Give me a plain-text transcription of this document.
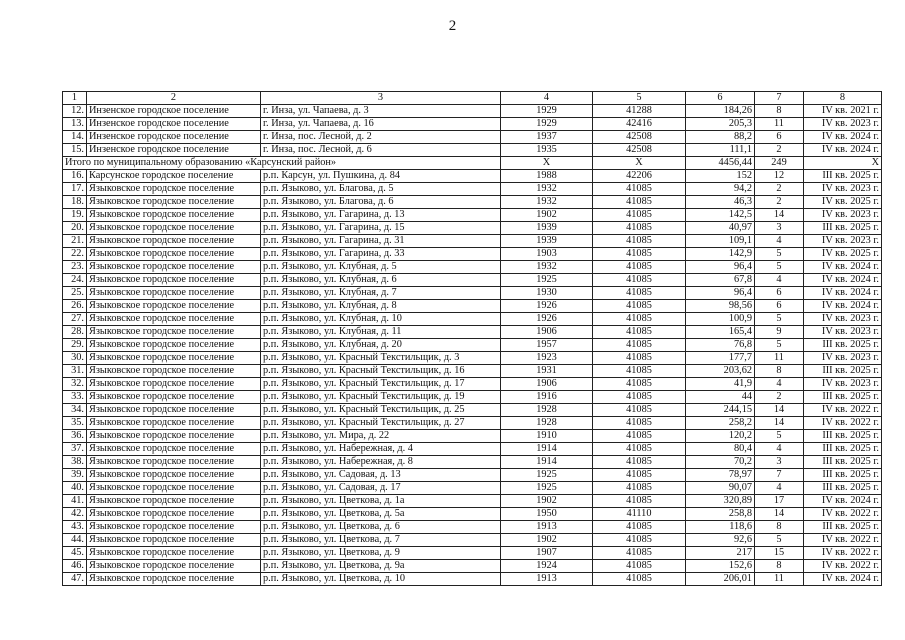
2
1	2	3	4	5	6	7	8
12.	Инзенское городское поселение	г. Инза, ул. Чапаева, д. 3	1929	41288	184,26	8	IV кв. 2021 г.
13.	Инзенское городское поселение	г. Инза, ул. Чапаева, д. 16	1929	42416	205,3	11	IV кв. 2023 г.
14.	Инзенское городское поселение	г. Инза, пос. Лесной, д. 2	1937	42508	88,2	6	IV кв. 2024 г.
15.	Инзенское городское поселение	г. Инза, пос. Лесной, д. 6	1935	42508	111,1	2	IV кв. 2024 г.
Итого по муниципальному образованию «Карсунский район»			X	X	4456,44	249	X
16.	Карсунское городское поселение	р.п. Карсун, ул. Пушкина, д. 84	1988	42206	152	12	III кв. 2025 г.
17.	Языковское городское поселение	р.п. Языково, ул. Благова, д. 5	1932	41085	94,2	2	IV кв. 2023 г.
18.	Языковское городское поселение	р.п. Языково, ул. Благова, д. 6	1932	41085	46,3	2	IV кв. 2025 г.
19.	Языковское городское поселение	р.п. Языково, ул. Гагарина, д. 13	1902	41085	142,5	14	IV кв. 2023 г.
20.	Языковское городское поселение	р.п. Языково, ул. Гагарина, д. 15	1939	41085	40,97	3	III кв. 2025 г.
21.	Языковское городское поселение	р.п. Языково, ул. Гагарина, д. 31	1939	41085	109,1	4	IV кв. 2023 г.
22.	Языковское городское поселение	р.п. Языково, ул. Гагарина, д. 33	1903	41085	142,9	5	IV кв. 2025 г.
23.	Языковское городское поселение	р.п. Языково, ул. Клубная, д. 5	1932	41085	96,4	5	IV кв. 2024 г.
24.	Языковское городское поселение	р.п. Языково, ул. Клубная, д. 6	1925	41085	67,8	4	IV кв. 2024 г.
25.	Языковское городское поселение	р.п. Языково, ул. Клубная, д. 7	1930	41085	96,4	6	IV кв. 2024 г.
26.	Языковское городское поселение	р.п. Языково, ул. Клубная, д. 8	1926	41085	98,56	6	IV кв. 2024 г.
27.	Языковское городское поселение	р.п. Языково, ул. Клубная, д. 10	1926	41085	100,9	5	IV кв. 2023 г.
28.	Языковское городское поселение	р.п. Языково, ул. Клубная, д. 11	1906	41085	165,4	9	IV кв. 2023 г.
29.	Языковское городское поселение	р.п. Языково, ул. Клубная, д. 20	1957	41085	76,8	5	III кв. 2025 г.
30.	Языковское городское поселение	р.п. Языково, ул. Красный Текстильщик, д. 3	1923	41085	177,7	11	IV кв. 2023 г.
31.	Языковское городское поселение	р.п. Языково, ул. Красный Текстильщик, д. 16	1931	41085	203,62	8	III кв. 2025 г.
32.	Языковское городское поселение	р.п. Языково, ул. Красный Текстильщик, д. 17	1906	41085	41,9	4	IV кв. 2023 г.
33.	Языковское городское поселение	р.п. Языково, ул. Красный Текстильщик, д. 19	1916	41085	44	2	III кв. 2025 г.
34.	Языковское городское поселение	р.п. Языково, ул. Красный Текстильщик, д. 25	1928	41085	244,15	14	IV кв. 2022 г.
35.	Языковское городское поселение	р.п. Языково, ул. Красный Текстильщик, д. 27	1928	41085	258,2	14	IV кв. 2022 г.
36.	Языковское городское поселение	р.п. Языково, ул. Мира, д. 22	1910	41085	120,2	5	III кв. 2025 г.
37.	Языковское городское поселение	р.п. Языково, ул. Набережная, д. 4	1914	41085	80,4	4	III кв. 2025 г.
38.	Языковское городское поселение	р.п. Языково, ул. Набережная, д. 8	1914	41085	70,2	3	III кв. 2025 г.
39.	Языковское городское поселение	р.п. Языково, ул. Садовая, д. 13	1925	41085	78,97	7	III кв. 2025 г.
40.	Языковское городское поселение	р.п. Языково, ул. Садовая, д. 17	1925	41085	90,07	4	III кв. 2025 г.
41.	Языковское городское поселение	р.п. Языково, ул. Цветкова, д. 1а	1902	41085	320,89	17	IV кв. 2024 г.
42.	Языковское городское поселение	р.п. Языково, ул. Цветкова, д. 5а	1950	41110	258,8	14	IV кв. 2022 г.
43.	Языковское городское поселение	р.п. Языково, ул. Цветкова, д. 6	1913	41085	118,6	8	III кв. 2025 г.
44.	Языковское городское поселение	р.п. Языково, ул. Цветкова, д. 7	1902	41085	92,6	5	IV кв. 2022 г.
45.	Языковское городское поселение	р.п. Языково, ул. Цветкова, д. 9	1907	41085	217	15	IV кв. 2022 г.
46.	Языковское городское поселение	р.п. Языково, ул. Цветкова, д. 9а	1924	41085	152,6	8	IV кв. 2022 г.
47.	Языковское городское поселение	р.п. Языково, ул. Цветкова, д. 10	1913	41085	206,01	11	IV кв. 2024 г.
